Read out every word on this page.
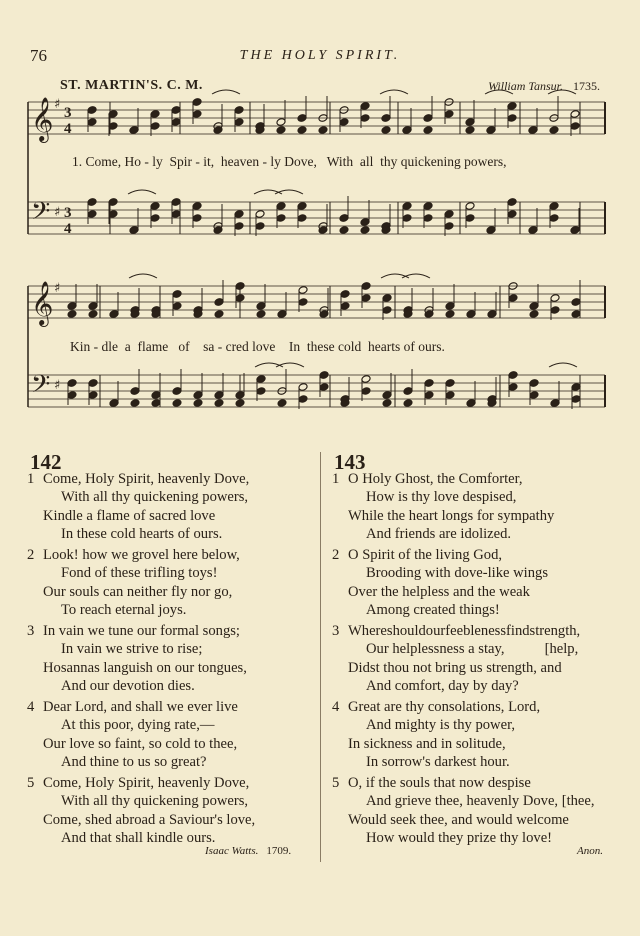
76	THE HOLY SPIRIT.
ST. MARTIN'S. C. M.	William Tansur. 1735.
𝄞 ♯
3
4
𝄢 ♯ 3
4
𝄞 ♯
𝄢 ♯
1. Come, Ho - ly  Spir - it,  heaven - ly Dove,   With  all  thy quickening powers,
Kin - dle  a  flame   of    sa - cred love    In  these cold  hearts of ours.
142	143
1 Come, Holy Spirit, heavenly Dove,
With all thy quickening powers,
Kindle a flame of sacred love
In these cold hearts of ours.
2 Look! how we grovel here below,
Fond of these trifling toys!
Our souls can neither fly nor go,
To reach eternal joys.
3 In vain we tune our formal songs;
In vain we strive to rise;
Hosannas languish on our tongues,
And our devotion dies.
4 Dear Lord, and shall we ever live
At this poor, dying rate,—
Our love so faint, so cold to thee,
And thine to us so great?
5 Come, Holy Spirit, heavenly Dove,
With all thy quickening powers,
Come, shed abroad a Saviour's love,
And that shall kindle ours.
1 O Holy Ghost, the Comforter,
How is thy love despised,
While the heart longs for sympathy
And friends are idolized.
2 O Spirit of the living God,
Brooding with dove-like wings
Over the helpless and the weak
Among created things!
3 Whereshouldourfeeblenessfindstrength,
Our helplessness a stay,           [help,
Didst thou not bring us strength, and
And comfort, day by day?
4 Great are thy consolations, Lord,
And mighty is thy power,
In sickness and in solitude,
In sorrow's darkest hour.
5 O, if the souls that now despise
And grieve thee, heavenly Dove, [thee,
Would seek thee, and would welcome
How would they prize thy love!
Isaac Watts. 1709.	Anon.
